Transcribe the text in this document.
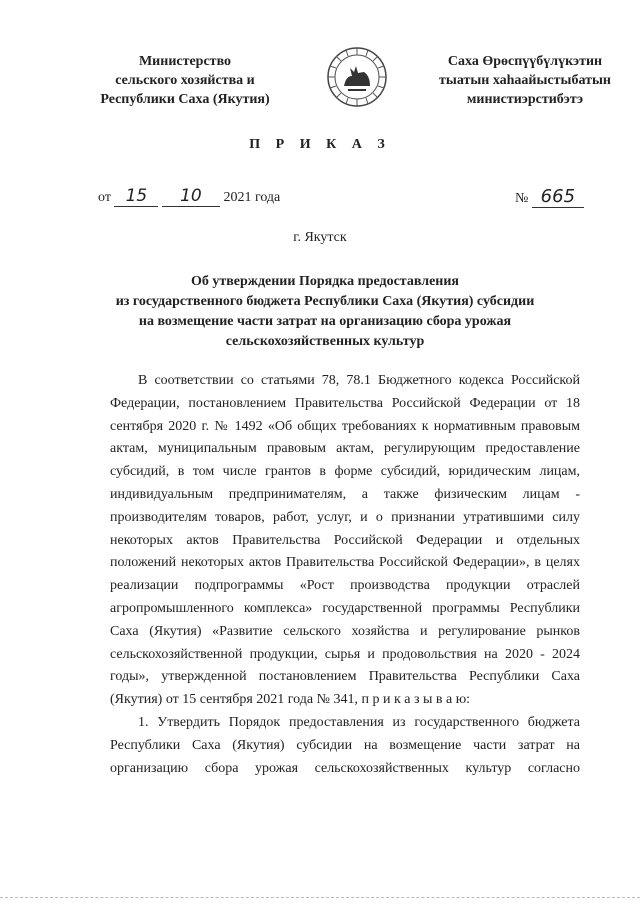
Министерство
сельского хозяйства и
Республики Саха (Якутия)
Саха Өрөспүүбүлүкэтин
тыатын хаһаайыстыбатын
министиэрстибэтэ
П Р И К А З
от 15 10 2021 года	№ 665
г. Якутск
Об утверждении Порядка предоставления
из государственного бюджета Республики Саха (Якутия) субсидии
на возмещение части затрат на организацию сбора урожая
сельскохозяйственных культур
В соответствии со статьями 78, 78.1 Бюджетного кодекса Российской
Федерации, постановлением Правительства Российской Федерации от 18
сентября 2020 г. № 1492 «Об общих требованиях к нормативным правовым
актам, муниципальным правовым актам, регулирующим предоставление
субсидий, в том числе грантов в форме субсидий, юридическим лицам,
индивидуальным предпринимателям, а также физическим лицам -
производителям товаров, работ, услуг, и о признании утратившими силу
некоторых актов Правительства Российской Федерации и отдельных
положений некоторых актов Правительства Российской Федерации», в целях
реализации подпрограммы «Рост производства продукции отраслей
агропромышленного комплекса» государственной программы Республики
Саха (Якутия) «Развитие сельского хозяйства и регулирование рынков
сельскохозяйственной продукции, сырья и продовольствия на 2020 - 2024
годы», утвержденной постановлением Правительства Республики Саха
(Якутия) от 15 сентября 2021 года № 341, п р и к а з ы в а ю:
1. Утвердить Порядок предоставления из государственного бюджета
Республики Саха (Якутия) субсидии на возмещение части затрат на
организацию сбора урожая сельскохозяйственных культур согласно
